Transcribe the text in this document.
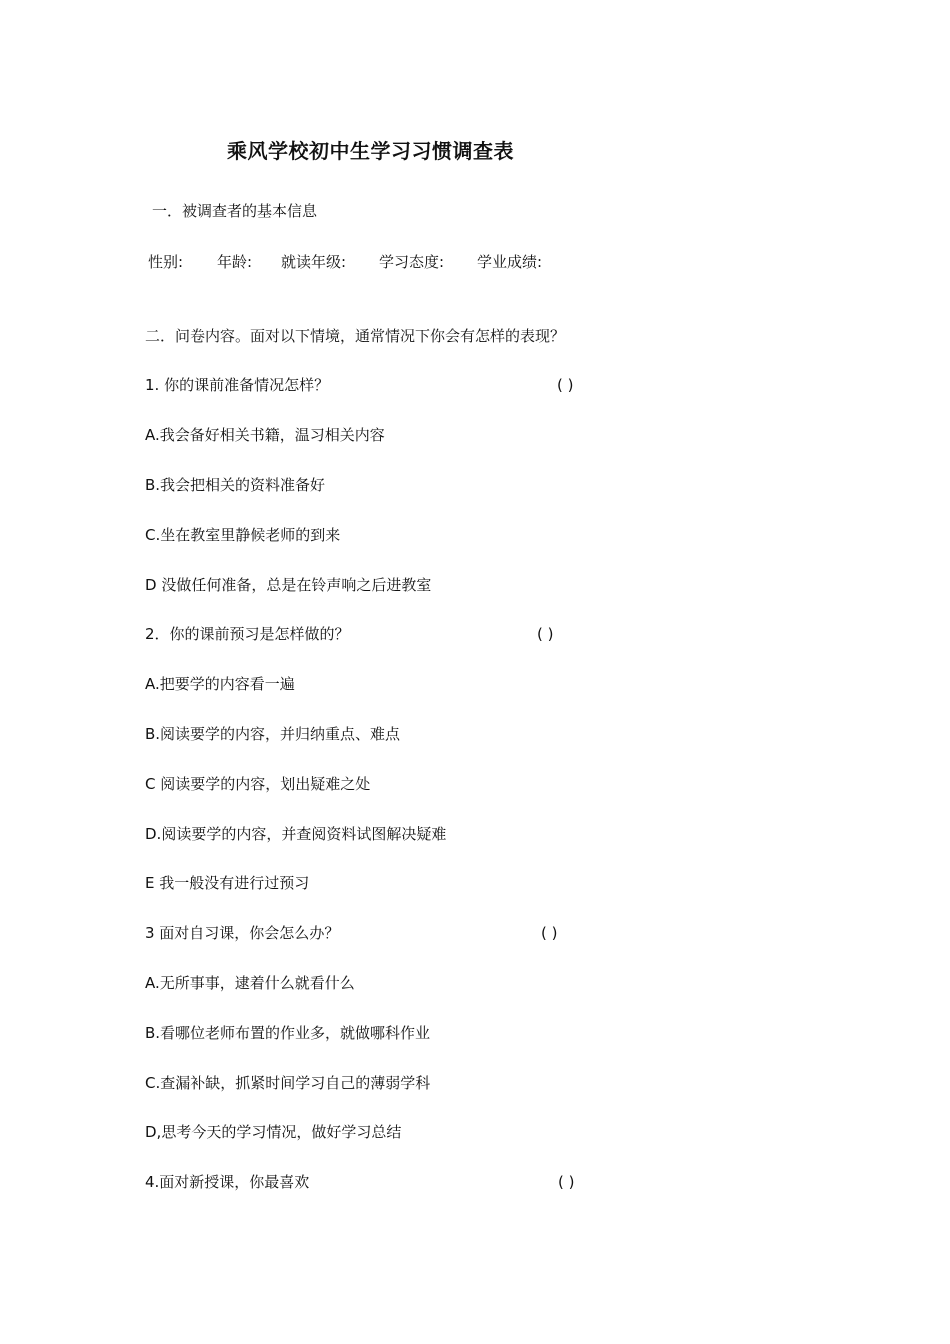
乘风学校初中生学习习惯调查表
一．被调查者的基本信息
性别: 年龄: 就读年级: 学习态度: 学业成绩:
二．问卷内容。面对以下情境，通常情况下你会有怎样的表现？
1. 你的课前准备情况怎样？	( )
A.我会备好相关书籍，温习相关内容
B.我会把相关的资料准备好
C.坐在教室里静候老师的到来
D 没做任何准备，总是在铃声响之后进教室
2．你的课前预习是怎样做的？	( )
A.把要学的内容看一遍
B.阅读要学的内容，并归纳重点、难点
C 阅读要学的内容，划出疑难之处
D.阅读要学的内容，并查阅资料试图解决疑难
E 我一般没有进行过预习
3 面对自习课，你会怎么办？	( )
A.无所事事，逮着什么就看什么
B.看哪位老师布置的作业多，就做哪科作业
C.查漏补缺，抓紧时间学习自己的薄弱学科
D,思考今天的学习情况，做好学习总结
4.面对新授课，你最喜欢	( )
